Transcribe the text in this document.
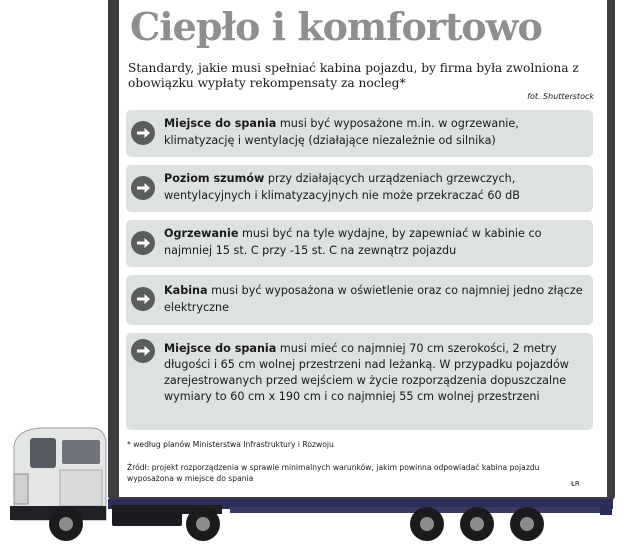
Ciepło i komfortowo

Standardy, jakie musi spełniać kabina pojazdu, by firma była zwolniona z obowiązku wypłaty rekompensaty za nocleg*

fot. Shutterstock

Miejsce do spania musi być wyposażone m.in. w ogrzewanie, klimatyzację i wentylację (działające niezależnie od silnika)

Poziom szumów przy działających urządzeniach grzewczych, wentylacyjnych i klimatyzacyjnych nie może przekraczać 60 dB

Ogrzewanie musi być na tyle wydajne, by zapewniać w kabinie co najmniej 15 st. C przy -15 st. C na zewnątrz pojazdu

Kabina musi być wyposażona w oświetlenie oraz co najmniej jedno złącze elektryczne

Miejsce do spania musi mieć co najmniej 70 cm szerokości, 2 metry długości i 65 cm wolnej przestrzeni nad leżanką. W przypadku pojazdów zarejestrowanych przed wejściem w życie rozporządzenia dopuszczalne wymiary to 60 cm x 190 cm i co najmniej 55 cm wolnej przestrzeni

* według planów Ministerstwa Infrastruktury i Rozwoju
Źródł: projekt rozporządzenia w sprawie minimalnych warunków, jakim powinna odpowiadać kabina pojazdu wyposażona w miejsce do spania
ŁR
